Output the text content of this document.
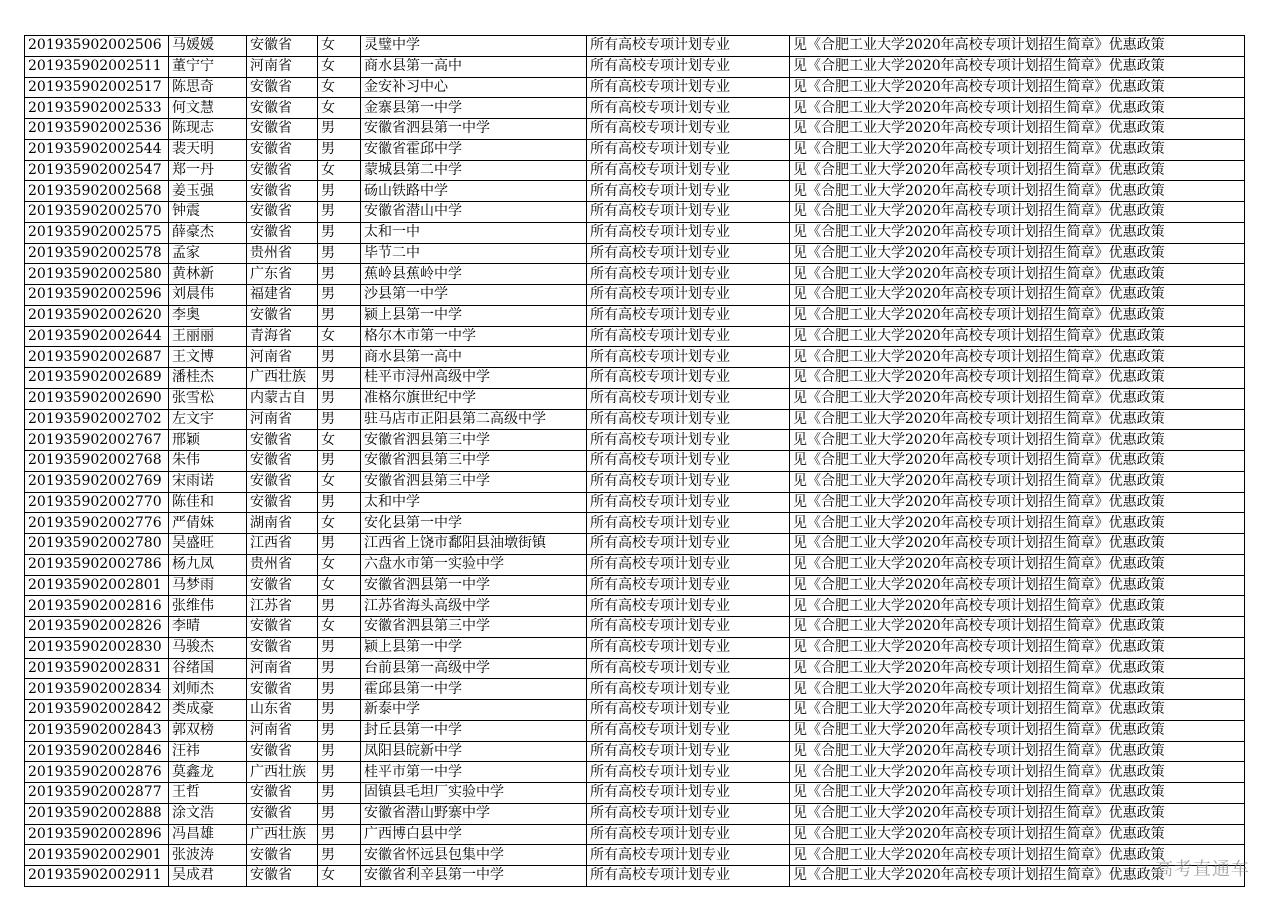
201935902002506	马媛媛	安徽省	女	灵璧中学	所有高校专项计划专业	见《合肥工业大学2020年高校专项计划招生简章》优惠政策
201935902002511	董宁宁	河南省	女	商水县第一高中	所有高校专项计划专业	见《合肥工业大学2020年高校专项计划招生简章》优惠政策
201935902002517	陈思奇	安徽省	女	金安补习中心	所有高校专项计划专业	见《合肥工业大学2020年高校专项计划招生简章》优惠政策
201935902002533	何文慧	安徽省	女	金寨县第一中学	所有高校专项计划专业	见《合肥工业大学2020年高校专项计划招生简章》优惠政策
201935902002536	陈现志	安徽省	男	安徽省泗县第一中学	所有高校专项计划专业	见《合肥工业大学2020年高校专项计划招生简章》优惠政策
201935902002544	裴天明	安徽省	男	安徽省霍邱中学	所有高校专项计划专业	见《合肥工业大学2020年高校专项计划招生简章》优惠政策
201935902002547	郑一丹	安徽省	女	蒙城县第二中学	所有高校专项计划专业	见《合肥工业大学2020年高校专项计划招生简章》优惠政策
201935902002568	姜玉强	安徽省	男	砀山铁路中学	所有高校专项计划专业	见《合肥工业大学2020年高校专项计划招生简章》优惠政策
201935902002570	钟震	安徽省	男	安徽省潜山中学	所有高校专项计划专业	见《合肥工业大学2020年高校专项计划招生简章》优惠政策
201935902002575	薛豪杰	安徽省	男	太和一中	所有高校专项计划专业	见《合肥工业大学2020年高校专项计划招生简章》优惠政策
201935902002578	孟家	贵州省	男	毕节二中	所有高校专项计划专业	见《合肥工业大学2020年高校专项计划招生简章》优惠政策
201935902002580	黄林新	广东省	男	蕉岭县蕉岭中学	所有高校专项计划专业	见《合肥工业大学2020年高校专项计划招生简章》优惠政策
201935902002596	刘晨伟	福建省	男	沙县第一中学	所有高校专项计划专业	见《合肥工业大学2020年高校专项计划招生简章》优惠政策
201935902002620	李奥	安徽省	男	颍上县第一中学	所有高校专项计划专业	见《合肥工业大学2020年高校专项计划招生简章》优惠政策
201935902002644	王丽丽	青海省	女	格尔木市第一中学	所有高校专项计划专业	见《合肥工业大学2020年高校专项计划招生简章》优惠政策
201935902002687	王文博	河南省	男	商水县第一高中	所有高校专项计划专业	见《合肥工业大学2020年高校专项计划招生简章》优惠政策
201935902002689	潘桂杰	广西壮族	男	桂平市浔州高级中学	所有高校专项计划专业	见《合肥工业大学2020年高校专项计划招生简章》优惠政策
201935902002690	张雪松	内蒙古自	男	准格尔旗世纪中学	所有高校专项计划专业	见《合肥工业大学2020年高校专项计划招生简章》优惠政策
201935902002702	左文宇	河南省	男	驻马店市正阳县第二高级中学	所有高校专项计划专业	见《合肥工业大学2020年高校专项计划招生简章》优惠政策
201935902002767	邢颖	安徽省	女	安徽省泗县第三中学	所有高校专项计划专业	见《合肥工业大学2020年高校专项计划招生简章》优惠政策
201935902002768	朱伟	安徽省	男	安徽省泗县第三中学	所有高校专项计划专业	见《合肥工业大学2020年高校专项计划招生简章》优惠政策
201935902002769	宋雨诺	安徽省	女	安徽省泗县第三中学	所有高校专项计划专业	见《合肥工业大学2020年高校专项计划招生简章》优惠政策
201935902002770	陈佳和	安徽省	男	太和中学	所有高校专项计划专业	见《合肥工业大学2020年高校专项计划招生简章》优惠政策
201935902002776	严倩妹	湖南省	女	安化县第一中学	所有高校专项计划专业	见《合肥工业大学2020年高校专项计划招生简章》优惠政策
201935902002780	吴盛旺	江西省	男	江西省上饶市鄱阳县油墩街镇	所有高校专项计划专业	见《合肥工业大学2020年高校专项计划招生简章》优惠政策
201935902002786	杨九凤	贵州省	女	六盘水市第一实验中学	所有高校专项计划专业	见《合肥工业大学2020年高校专项计划招生简章》优惠政策
201935902002801	马梦雨	安徽省	女	安徽省泗县第一中学	所有高校专项计划专业	见《合肥工业大学2020年高校专项计划招生简章》优惠政策
201935902002816	张维伟	江苏省	男	江苏省海头高级中学	所有高校专项计划专业	见《合肥工业大学2020年高校专项计划招生简章》优惠政策
201935902002826	李晴	安徽省	女	安徽省泗县第三中学	所有高校专项计划专业	见《合肥工业大学2020年高校专项计划招生简章》优惠政策
201935902002830	马骏杰	安徽省	男	颍上县第一中学	所有高校专项计划专业	见《合肥工业大学2020年高校专项计划招生简章》优惠政策
201935902002831	谷绪国	河南省	男	台前县第一高级中学	所有高校专项计划专业	见《合肥工业大学2020年高校专项计划招生简章》优惠政策
201935902002834	刘师杰	安徽省	男	霍邱县第一中学	所有高校专项计划专业	见《合肥工业大学2020年高校专项计划招生简章》优惠政策
201935902002842	类成豪	山东省	男	新泰中学	所有高校专项计划专业	见《合肥工业大学2020年高校专项计划招生简章》优惠政策
201935902002843	郭双榜	河南省	男	封丘县第一中学	所有高校专项计划专业	见《合肥工业大学2020年高校专项计划招生简章》优惠政策
201935902002846	汪祎	安徽省	男	凤阳县皖新中学	所有高校专项计划专业	见《合肥工业大学2020年高校专项计划招生简章》优惠政策
201935902002876	莫鑫龙	广西壮族	男	桂平市第一中学	所有高校专项计划专业	见《合肥工业大学2020年高校专项计划招生简章》优惠政策
201935902002877	王哲	安徽省	男	固镇县毛坦厂实验中学	所有高校专项计划专业	见《合肥工业大学2020年高校专项计划招生简章》优惠政策
201935902002888	涂文浩	安徽省	男	安徽省潜山野寨中学	所有高校专项计划专业	见《合肥工业大学2020年高校专项计划招生简章》优惠政策
201935902002896	冯昌雄	广西壮族	男	广西博白县中学	所有高校专项计划专业	见《合肥工业大学2020年高校专项计划招生简章》优惠政策
201935902002901	张波涛	安徽省	男	安徽省怀远县包集中学	所有高校专项计划专业	见《合肥工业大学2020年高校专项计划招生简章》优惠政策
201935902002911	吴成君	安徽省	女	安徽省利辛县第一中学	所有高校专项计划专业	见《合肥工业大学2020年高校专项计划招生简章》优惠政策
高考直通车
